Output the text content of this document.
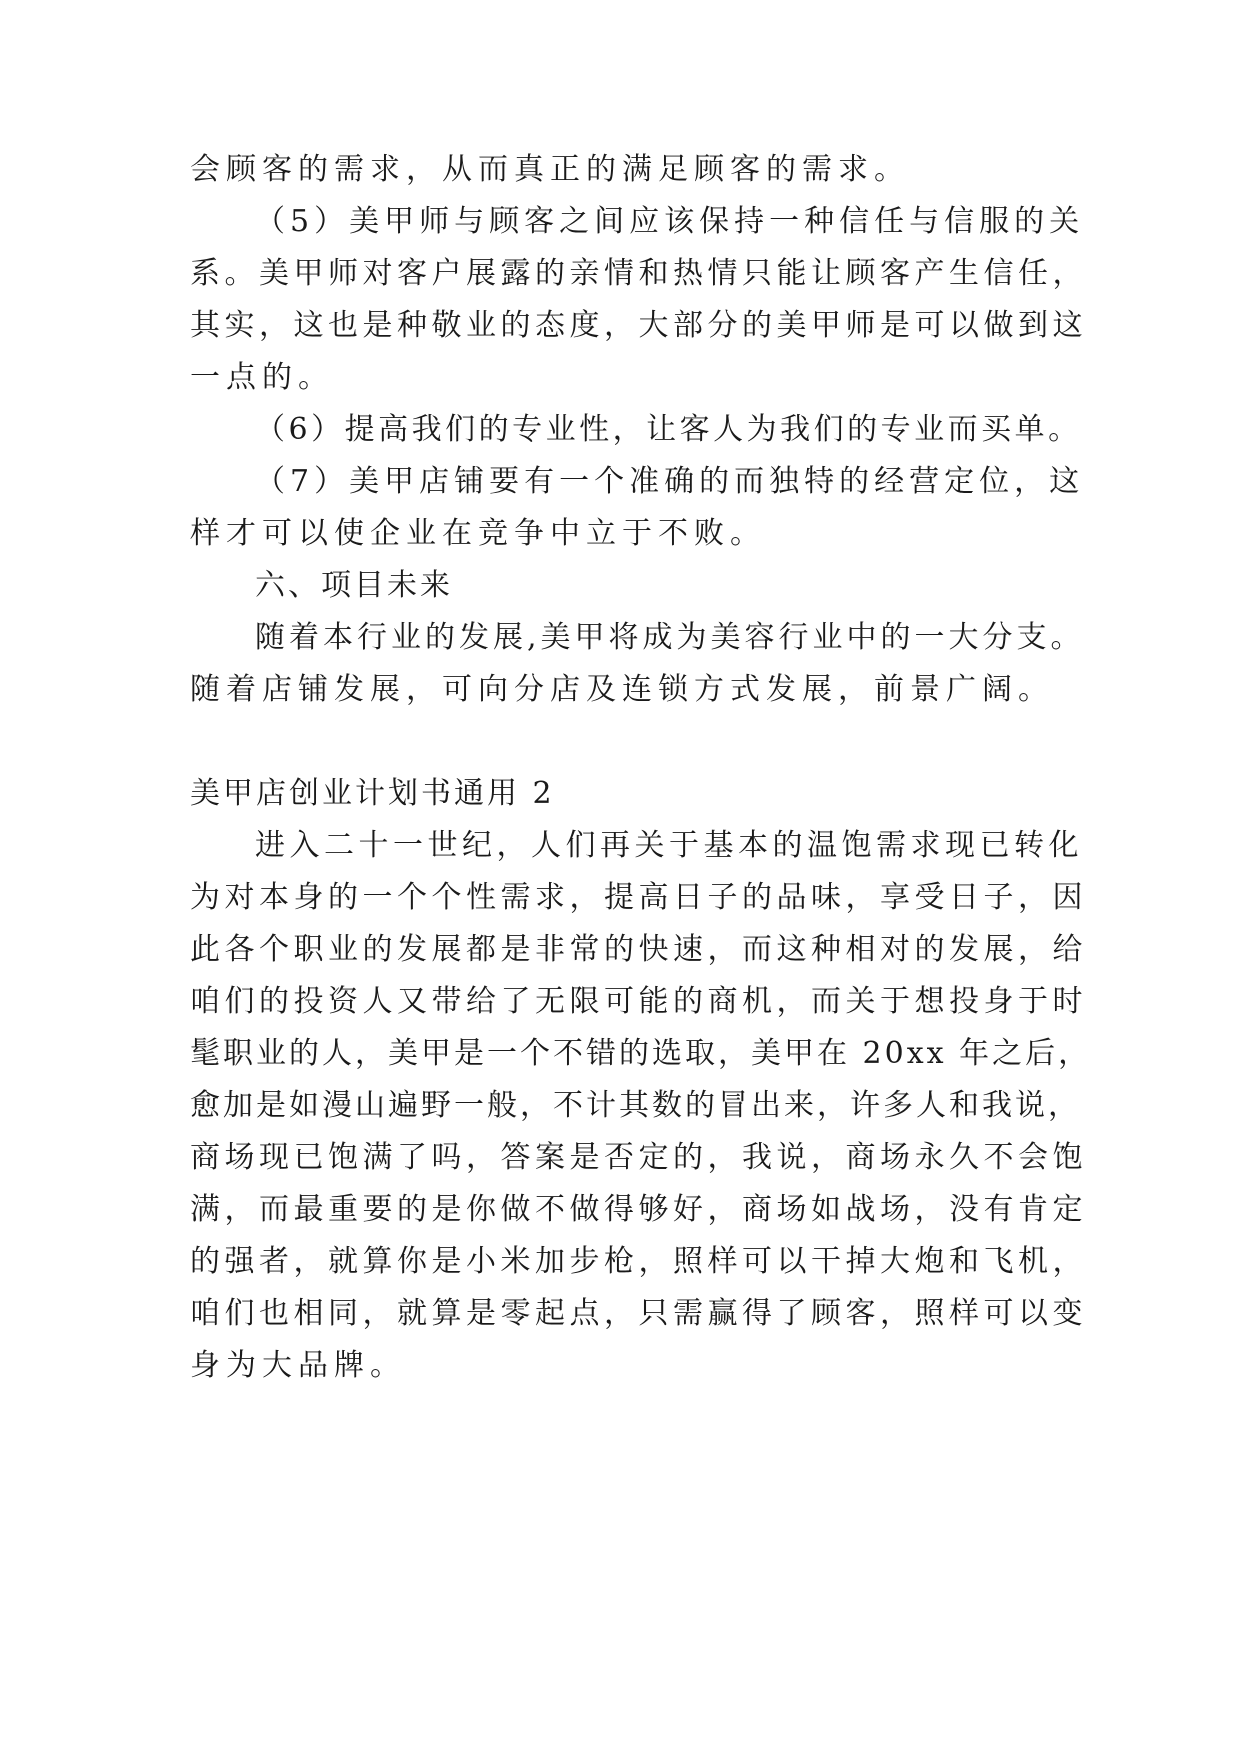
会顾客的需求，从而真正的满足顾客的需求。
（5）美甲师与顾客之间应该保持一种信任与信服的关
系。美甲师对客户展露的亲情和热情只能让顾客产生信任，
其实，这也是种敬业的态度，大部分的美甲师是可以做到这
一点的。
（6）提高我们的专业性，让客人为我们的专业而买单。
（7）美甲店铺要有一个准确的而独特的经营定位，这
样才可以使企业在竞争中立于不败。
六、项目未来
随着本行业的发展,美甲将成为美容行业中的一大分支。
随着店铺发展，可向分店及连锁方式发展，前景广阔。
美甲店创业计划书通用 2
进入二十一世纪，人们再关于基本的温饱需求现已转化
为对本身的一个个性需求，提高日子的品味，享受日子，因
此各个职业的发展都是非常的快速，而这种相对的发展，给
咱们的投资人又带给了无限可能的商机，而关于想投身于时
髦职业的人，美甲是一个不错的选取，美甲在 20xx 年之后，
愈加是如漫山遍野一般，不计其数的冒出来，许多人和我说，
商场现已饱满了吗，答案是否定的，我说，商场永久不会饱
满，而最重要的是你做不做得够好，商场如战场，没有肯定
的强者，就算你是小米加步枪，照样可以干掉大炮和飞机，
咱们也相同，就算是零起点，只需赢得了顾客，照样可以变
身为大品牌。
